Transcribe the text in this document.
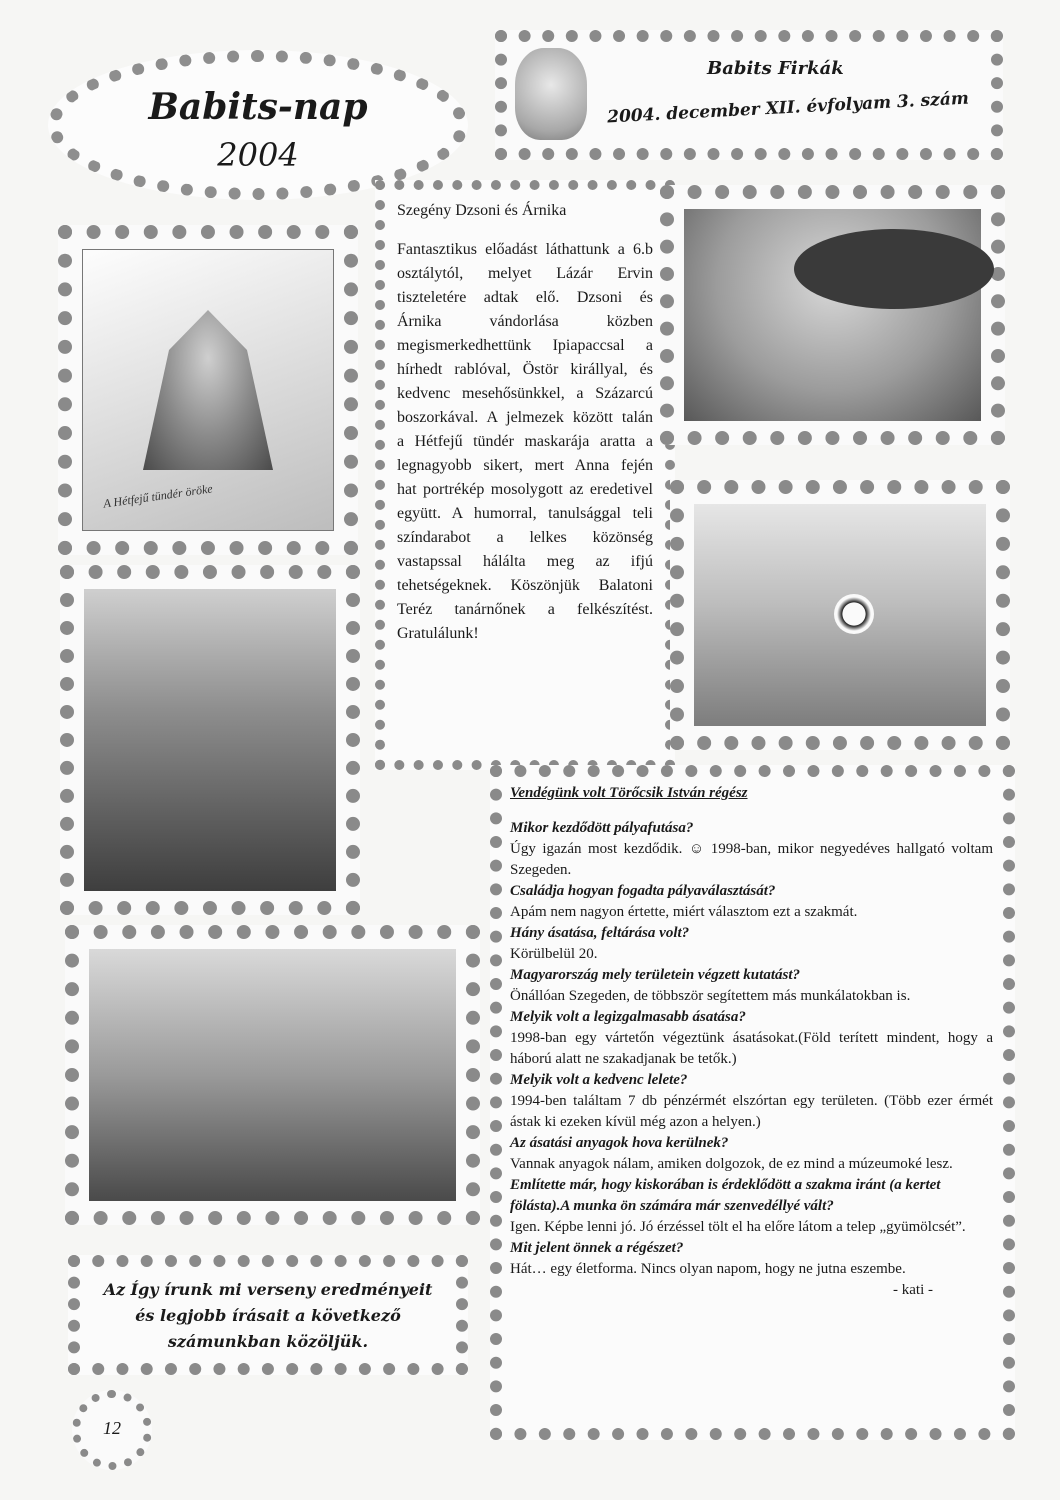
Babits-nap
2004
Babits Firkák
2004. december XII. évfolyam 3. szám
A Hétfejű tündér öröke

Szegény Dzsoni és Árnika

Fantasztikus előadást láthattunk a 6.b osztálytól, melyet Lázár Ervin tiszteletére adtak elő. Dzsoni és Árnika vándorlása közben megismerkedhettünk Ipiapaccsal a hírhedt rablóval, Östör királlyal, és kedvenc mesehősünkkel, a Százarcú boszorkával. A jelmezek között talán a Hétfejű tündér maskarája aratta a legnagyobb sikert, mert Anna fején hat portrékép mosolygott az eredetivel együtt. A humorral, tanulsággal teli színdarabot a lelkes közönség vastapssal hálálta meg az ifjú tehetségeknek. Köszönjük Balatoni Teréz tanárnőnek a felkészítést. Gratulálunk!

Vendégünk volt Törőcsik István régész

Mikor kezdődött pályafutása?

Úgy igazán most kezdődik. ☺ 1998-ban, mikor negyedéves hallgató voltam Szegeden.

Családja hogyan fogadta pályaválasztását?

Apám nem nagyon értette, miért választom ezt a szakmát.

Hány ásatása, feltárása volt?

Körülbelül 20.

Magyarország mely területein végzett kutatást?

Önállóan Szegeden, de többször segítettem más munkálatokban is.

Melyik volt a legizgalmasabb ásatása?

1998-ban egy vártetőn végeztünk ásatásokat.(Föld terített mindent, hogy a háború alatt ne szakadjanak be tetők.)

Melyik volt a kedvenc lelete?

1994-ben találtam 7 db pénzérmét elszórtan egy területen. (Több ezer érmét ástak ki ezeken kívül még azon a helyen.)

Az ásatási anyagok hova kerülnek?

Vannak anyagok nálam, amiken dolgozok, de ez mind a múzeumoké lesz.

Említette már, hogy kiskorában is érdeklődött a szakma iránt (a kertet fölásta).A munka ön számára már szenvedéllyé vált?

Igen. Képbe lenni jó. Jó érzéssel tölt el ha előre látom a telep „gyümölcsét”.

Mit jelent önnek a régészet?

Hát… egy életforma. Nincs olyan napom, hogy ne jutna eszembe.

- kati -

Az Így írunk mi verseny eredményeit és legjobb írásait a következő számunkban közöljük.
12
